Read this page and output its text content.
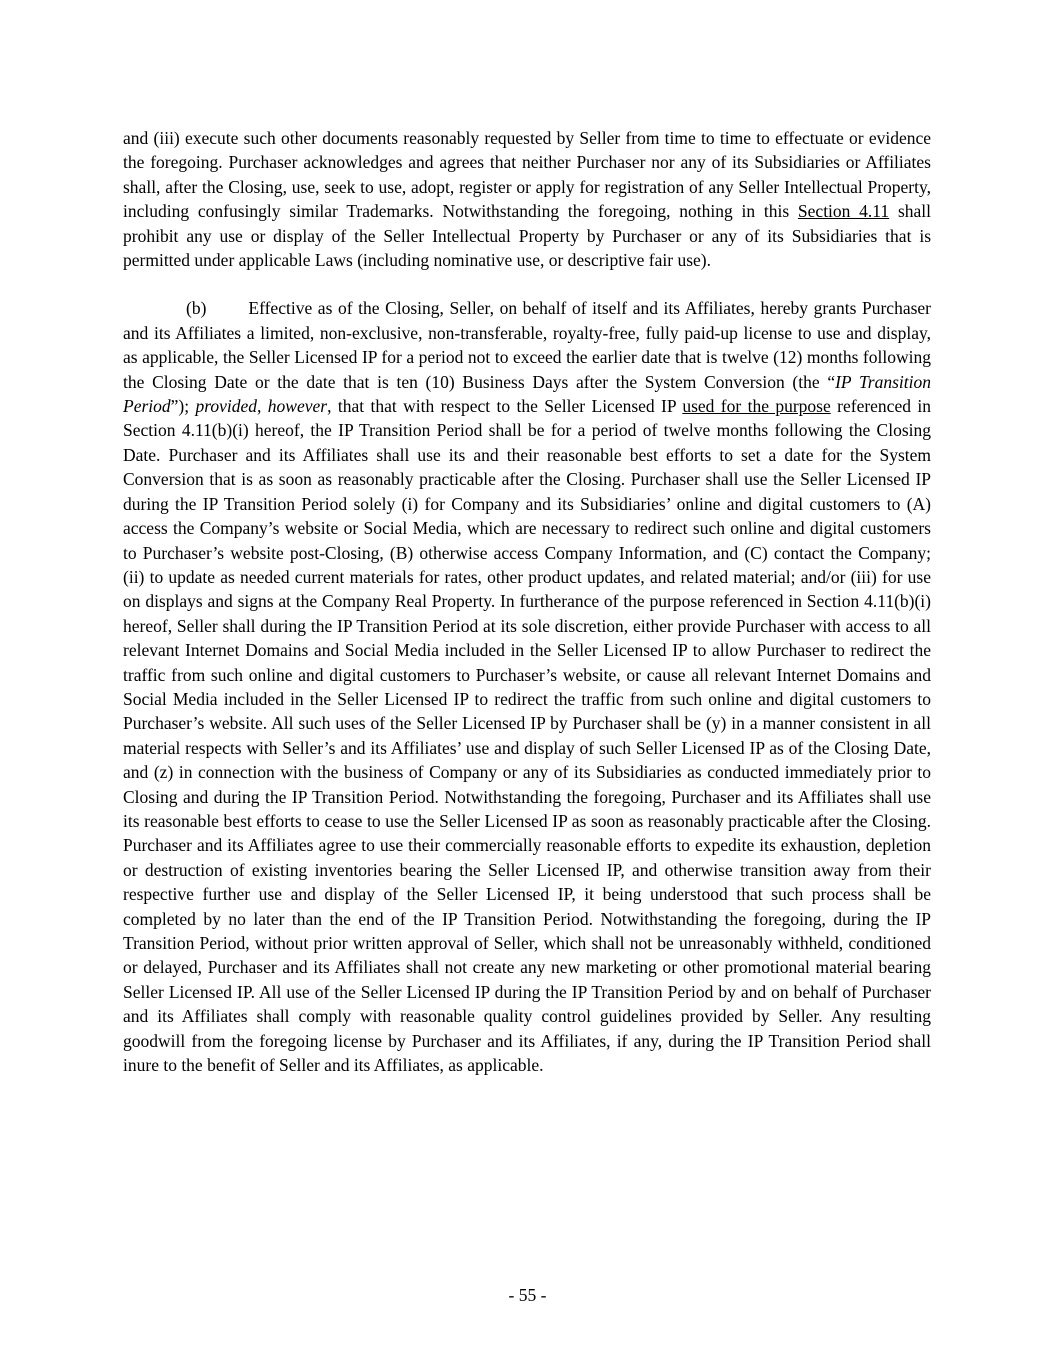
and (iii) execute such other documents reasonably requested by Seller from time to time to effectuate or evidence the foregoing. Purchaser acknowledges and agrees that neither Purchaser nor any of its Subsidiaries or Affiliates shall, after the Closing, use, seek to use, adopt, register or apply for registration of any Seller Intellectual Property, including confusingly similar Trademarks. Notwithstanding the foregoing, nothing in this Section 4.11 shall prohibit any use or display of the Seller Intellectual Property by Purchaser or any of its Subsidiaries that is permitted under applicable Laws (including nominative use, or descriptive fair use).

(b) Effective as of the Closing, Seller, on behalf of itself and its Affiliates, hereby grants Purchaser and its Affiliates a limited, non-exclusive, non-transferable, royalty-free, fully paid-up license to use and display, as applicable, the Seller Licensed IP for a period not to exceed the earlier date that is twelve (12) months following the Closing Date or the date that is ten (10) Business Days after the System Conversion (the “IP Transition Period”); provided, however, that that with respect to the Seller Licensed IP used for the purpose referenced in Section 4.11(b)(i) hereof, the IP Transition Period shall be for a period of twelve months following the Closing Date. Purchaser and its Affiliates shall use its and their reasonable best efforts to set a date for the System Conversion that is as soon as reasonably practicable after the Closing. Purchaser shall use the Seller Licensed IP during the IP Transition Period solely (i) for Company and its Subsidiaries’ online and digital customers to (A) access the Company’s website or Social Media, which are necessary to redirect such online and digital customers to Purchaser’s website post-Closing, (B) otherwise access Company Information, and (C) contact the Company; (ii) to update as needed current materials for rates, other product updates, and related material; and/or (iii) for use on displays and signs at the Company Real Property. In furtherance of the purpose referenced in Section 4.11(b)(i) hereof, Seller shall during the IP Transition Period at its sole discretion, either provide Purchaser with access to all relevant Internet Domains and Social Media included in the Seller Licensed IP to allow Purchaser to redirect the traffic from such online and digital customers to Purchaser’s website, or cause all relevant Internet Domains and Social Media included in the Seller Licensed IP to redirect the traffic from such online and digital customers to Purchaser’s website. All such uses of the Seller Licensed IP by Purchaser shall be (y) in a manner consistent in all material respects with Seller’s and its Affiliates’ use and display of such Seller Licensed IP as of the Closing Date, and (z) in connection with the business of Company or any of its Subsidiaries as conducted immediately prior to Closing and during the IP Transition Period. Notwithstanding the foregoing, Purchaser and its Affiliates shall use its reasonable best efforts to cease to use the Seller Licensed IP as soon as reasonably practicable after the Closing. Purchaser and its Affiliates agree to use their commercially reasonable efforts to expedite its exhaustion, depletion or destruction of existing inventories bearing the Seller Licensed IP, and otherwise transition away from their respective further use and display of the Seller Licensed IP, it being understood that such process shall be completed by no later than the end of the IP Transition Period. Notwithstanding the foregoing, during the IP Transition Period, without prior written approval of Seller, which shall not be unreasonably withheld, conditioned or delayed, Purchaser and its Affiliates shall not create any new marketing or other promotional material bearing Seller Licensed IP. All use of the Seller Licensed IP during the IP Transition Period by and on behalf of Purchaser and its Affiliates shall comply with reasonable quality control guidelines provided by Seller. Any resulting goodwill from the foregoing license by Purchaser and its Affiliates, if any, during the IP Transition Period shall inure to the benefit of Seller and its Affiliates, as applicable.

- 55 -
